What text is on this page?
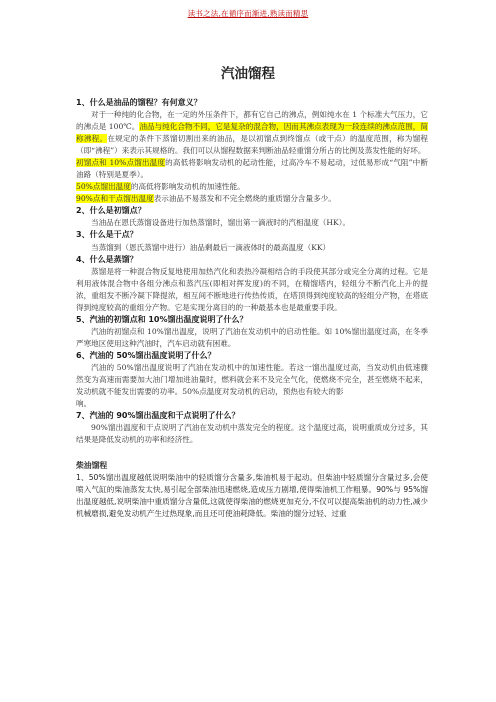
读书之法,在循序而渐进,熟读而精思
汽油馏程

1、什么是油品的馏程？有何意义？

对于一种纯的化合物，在一定的外压条件下，都有它自己的沸点，例如纯水在 1 个标准大气压力，它的沸点是 100℃。油品与纯化合物不同，它是复杂的混合物，因而其沸点表现为一段连续的沸点范围，简称沸程。在规定的条件下蒸馏切割出来的油品，是以初馏点到终馏点（或干点）的温度范围，称为馏程（即“沸程”）来表示其规格的。我们可以从馏程数据来判断油品轻重馏分所占的比例及蒸发性能的好坏。

初馏点和 10%点馏出温度的高低将影响发动机的起动性能，过高冷车不易起动，过低易形成“气阻”中断油路（特别是夏季）。

50%点馏出温度的高低将影响发动机的加速性能。

90%点和干点馏出温度表示油品不易蒸发和不完全燃烧的重质馏分含量多少。

2、什么是初馏点？

当油品在恩氏蒸馏设备进行加热蒸馏时，馏出第一滴液时的汽相温度（HK）。

3、什么是干点？

当蒸馏到（恩氏蒸馏中进行）油品剩最后一滴液体时的最高温度（KK）

4、什么是蒸馏？

蒸馏是将一种混合物反复地使用加热汽化和表热冷凝相结合的手段使其部分或完全分离的过程。它是利用液体混合物中各组分沸点和蒸汽压(即相对挥发度)的不同，在精馏塔内，轻组分不断汽化上升的提浓，重组发不断冷凝下降提浓，相互间不断地进行传热传质，在塔顶得到纯度较高的轻组分产物，在塔底得到纯度较高的重组分产物。它是实现分离目的的一种最基本也是最重要手段。

5、汽油的初馏点和 10%馏出温度说明了什么？

汽油的初馏点和 10%馏出温度，说明了汽油在发动机中的启动性能。如 10%馏出温度过高，在冬季严寒地区使用这种汽油时，汽车启动就有困难。

6、汽油的 50%馏出温度说明了什么？

汽油的 50%馏出温度说明了汽油在发动机中的加速性能。若这一馏出温度过高，当发动机由低速骤然变为高速而需要加大油门增加进油量时，燃料就会来不及完全气化，使燃烧不完全，甚至燃烧不起来，发动机就不能发出需要的功率。50%点温度对发动机的启动，预热也有较大的影

响。

7、汽油的 90%馏出温度和干点说明了什么？

90%馏出温度和干点说明了汽油在发动机中蒸发完全的程度。这个温度过高，说明重质成分过多，其结果是降低发动机的功率和经济性。

柴油馏程

1、50%馏出温度越低说明柴油中的轻质馏分含量多,柴油机易于起动。但柴油中轻质馏分含量过多,会使喷入气缸的柴油蒸发太快,易引起全部柴油迅速燃烧,造成压力剧增,使得柴油机工作粗暴。90%与 95%馏出温度越低,说明柴油中重质馏分含量低,这就使得柴油的燃烧更加充分,不仅可以提高柴油机的动力性,减少机械磨损,避免发动机产生过热现象,而且还可使油耗降低。柴油的馏分过轻、过重
